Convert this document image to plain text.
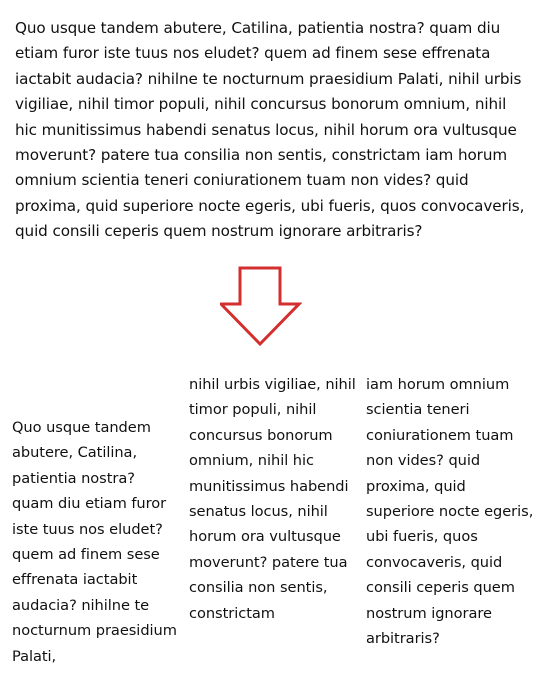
Quo usque tandem abutere, Catilina, patientia nostra? quam diu etiam furor iste tuus nos eludet? quem ad finem sese effrenata iactabit audacia? nihilne te nocturnum praesidium Palati, nihil urbis vigiliae, nihil timor populi, nihil concursus bonorum omnium, nihil hic munitissimus habendi senatus locus, nihil horum ora vultusque moverunt? patere tua consilia non sentis, constrictam iam horum omnium scientia teneri coniurationem tuam non vides? quid proxima, quid superiore nocte egeris, ubi fueris, quos convocaveris, quid consili ceperis quem nostrum ignorare arbitraris?

Quo usque tandem abutere, Catilina, patientia nostra? quam diu etiam furor iste tuus nos eludet? quem ad finem sese effrenata iactabit audacia? nihilne te nocturnum praesidium Palati,

nihil urbis vigiliae, nihil timor populi, nihil concursus bonorum omnium, nihil hic munitissimus habendi senatus locus, nihil horum ora vultusque moverunt? patere tua consilia non sentis, constrictam

iam horum omnium scientia teneri coniurationem tuam non vides? quid proxima, quid superiore nocte egeris, ubi fueris, quos convocaveris, quid consili ceperis quem nostrum ignorare arbitraris?
